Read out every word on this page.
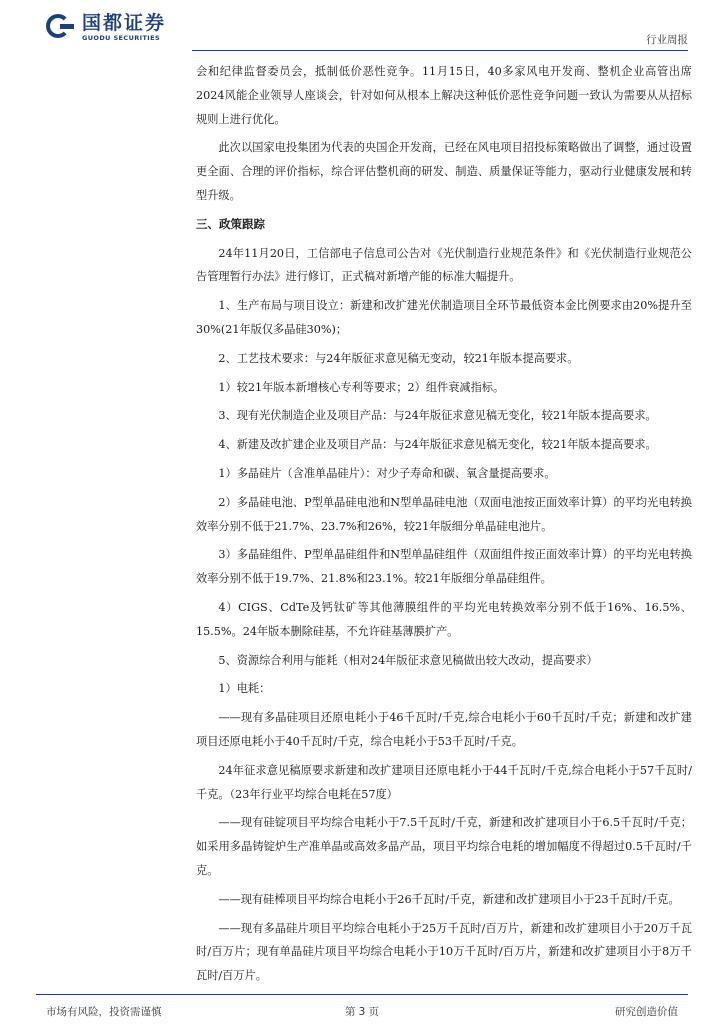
国都证券
GUODU SECURITIES	行业周报

会和纪律监督委员会，抵制低价恶性竞争。11月15日，40多家风电开发商、整机企业高管出席2024风能企业领导人座谈会，针对如何从根本上解决这种低价恶性竞争问题一致认为需要从从招标规则上进行优化。

此次以国家电投集团为代表的央国企开发商，已经在风电项目招投标策略做出了调整，通过设置更全面、合理的评价指标，综合评估整机商的研发、制造、质量保证等能力，驱动行业健康发展和转型升级。

三、政策跟踪

24年11月20日，工信部电子信息司公告对《光伏制造行业规范条件》和《光伏制造行业规范公告管理暂行办法》进行修订，正式稿对新增产能的标准大幅提升。

1、生产布局与项目设立：新建和改扩建光伏制造项目全环节最低资本金比例要求由20%提升至30%(21年版仅多晶硅30%)；

2、工艺技术要求：与24年版征求意见稿无变动，较21年版本提高要求。

1）较21年版本新增核心专利等要求；2）组件衰减指标。

3、现有光伏制造企业及项目产品：与24年版征求意见稿无变化，较21年版本提高要求。

4、新建及改扩建企业及项目产品：与24年版征求意见稿无变化，较21年版本提高要求。

1）多晶硅片（含准单晶硅片）：对少子寿命和碳、氧含量提高要求。

2）多晶硅电池、P型单晶硅电池和N型单晶硅电池（双面电池按正面效率计算）的平均光电转换效率分别不低于21.7%、23.7%和26%，较21年版细分单晶硅电池片。

3）多晶硅组件、P型单晶硅组件和N型单晶硅组件（双面组件按正面效率计算）的平均光电转换效率分别不低于19.7%、21.8%和23.1%。较21年版细分单晶硅组件。

4）CIGS、CdTe及钙钛矿等其他薄膜组件的平均光电转换效率分别不低于16%、16.5%、15.5%。24年版本删除硅基，不允许硅基薄膜扩产。

5、资源综合利用与能耗（相对24年版征求意见稿做出较大改动，提高要求）

1）电耗：

——现有多晶硅项目还原电耗小于46千瓦时/千克,综合电耗小于60千瓦时/千克；新建和改扩建项目还原电耗小于40千瓦时/千克，综合电耗小于53千瓦时/千克。

24年征求意见稿原要求新建和改扩建项目还原电耗小于44千瓦时/千克,综合电耗小于57千瓦时/千克。（23年行业平均综合电耗在57度）

——现有硅锭项目平均综合电耗小于7.5千瓦时/千克，新建和改扩建项目小于6.5千瓦时/千克；如采用多晶铸锭炉生产准单晶或高效多晶产品，项目平均综合电耗的增加幅度不得超过0.5千瓦时/千克。

——现有硅棒项目平均综合电耗小于26千瓦时/千克，新建和改扩建项目小于23千瓦时/千克。

——现有多晶硅片项目平均综合电耗小于25万千瓦时/百万片，新建和改扩建项目小于20万千瓦时/百万片；现有单晶硅片项目平均综合电耗小于10万千瓦时/百万片，新建和改扩建项目小于8万千瓦时/百万片。

市场有风险，投资需谨慎	第 3 页	研究创造价值
